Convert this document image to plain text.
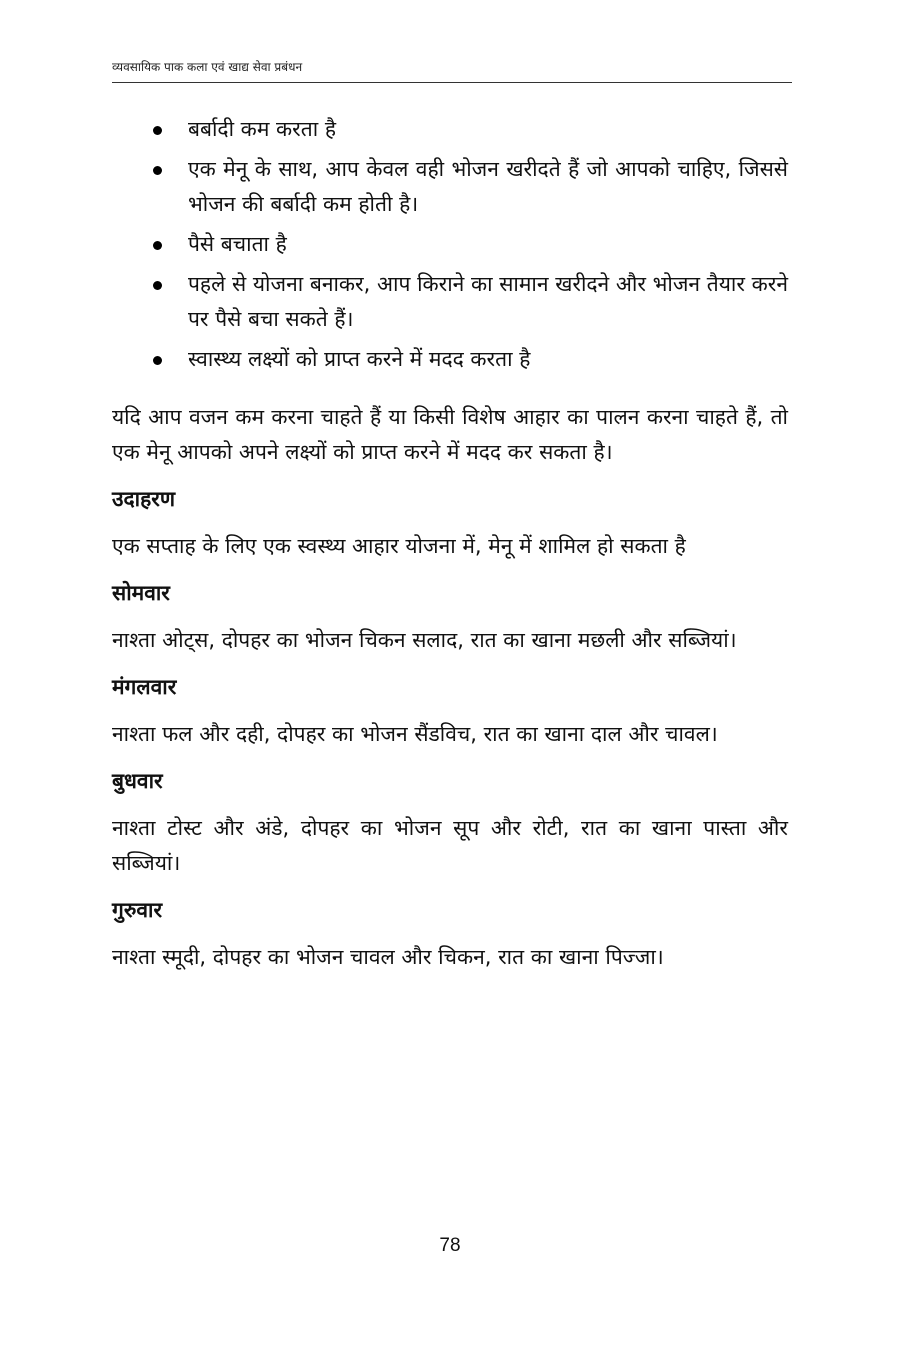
व्यवसायिक पाक कला एवं खाद्य सेवा प्रबंधन
बर्बादी कम करता है
एक मेनू के साथ, आप केवल वही भोजन खरीदते हैं जो आपको चाहिए, जिससे भोजन की बर्बादी कम होती है।
पैसे बचाता है
पहले से योजना बनाकर, आप किराने का सामान खरीदने और भोजन तैयार करने पर पैसे बचा सकते हैं।
स्वास्थ्य लक्ष्यों को प्राप्त करने में मदद करता है

यदि आप वजन कम करना चाहते हैं या किसी विशेष आहार का पालन करना चाहते हैं, तो एक मेनू आपको अपने लक्ष्यों को प्राप्त करने में मदद कर सकता है।

उदाहरण

एक सप्ताह के लिए एक स्वस्थ्य आहार योजना में, मेनू में शामिल हो सकता है

सोमवार

नाश्ता ओट्स, दोपहर का भोजन चिकन सलाद, रात का खाना मछली और सब्जियां।

मंगलवार

नाश्ता फल और दही, दोपहर का भोजन सैंडविच, रात का खाना दाल और चावल।

बुधवार

नाश्ता टोस्ट और अंडे, दोपहर का भोजन सूप और रोटी, रात का खाना पास्ता और सब्जियां।

गुरुवार

नाश्ता स्मूदी, दोपहर का भोजन चावल और चिकन, रात का खाना पिज्जा।

78
